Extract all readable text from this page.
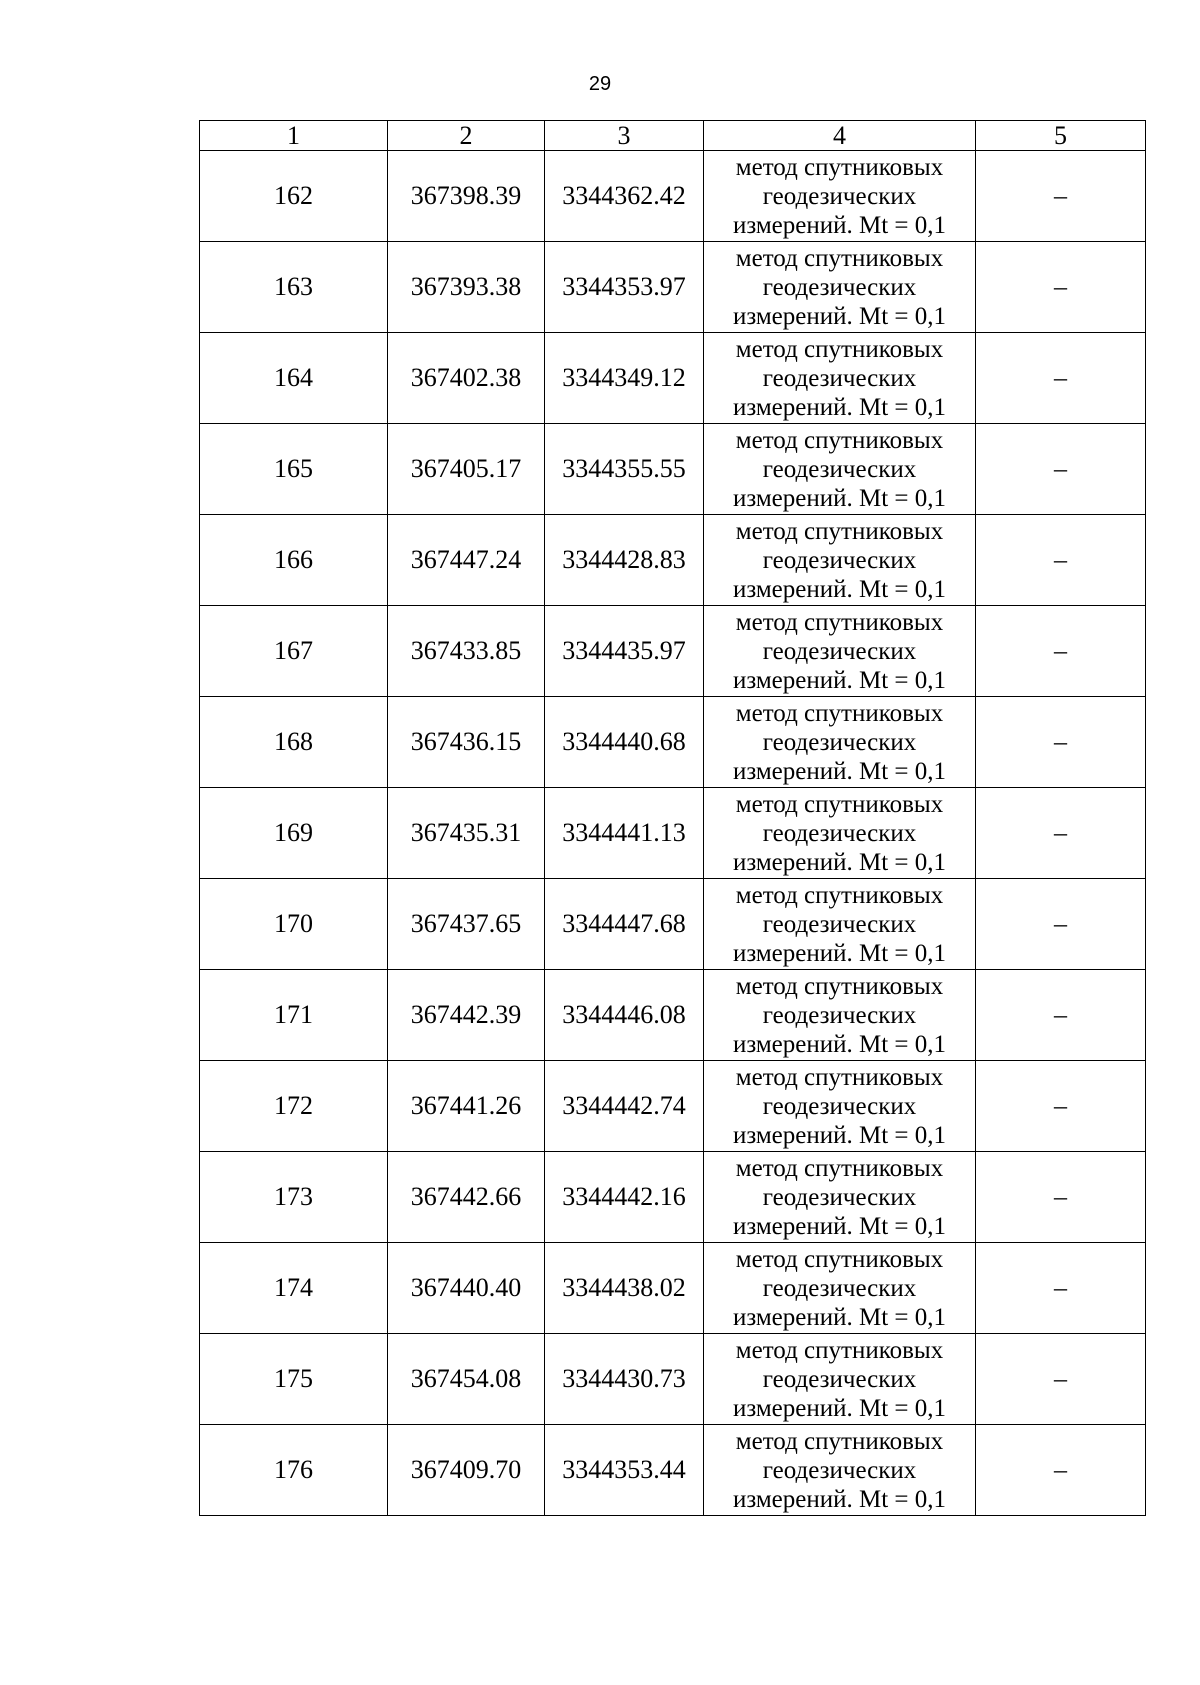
29
1	2	3	4	5
162	367398.39	3344362.42	метод спутниковых геодезических измерений. Mt = 0,1	–
163	367393.38	3344353.97	метод спутниковых геодезических измерений. Mt = 0,1	–
164	367402.38	3344349.12	метод спутниковых геодезических измерений. Mt = 0,1	–
165	367405.17	3344355.55	метод спутниковых геодезических измерений. Mt = 0,1	–
166	367447.24	3344428.83	метод спутниковых геодезических измерений. Mt = 0,1	–
167	367433.85	3344435.97	метод спутниковых геодезических измерений. Mt = 0,1	–
168	367436.15	3344440.68	метод спутниковых геодезических измерений. Mt = 0,1	–
169	367435.31	3344441.13	метод спутниковых геодезических измерений. Mt = 0,1	–
170	367437.65	3344447.68	метод спутниковых геодезических измерений. Mt = 0,1	–
171	367442.39	3344446.08	метод спутниковых геодезических измерений. Mt = 0,1	–
172	367441.26	3344442.74	метод спутниковых геодезических измерений. Mt = 0,1	–
173	367442.66	3344442.16	метод спутниковых геодезических измерений. Mt = 0,1	–
174	367440.40	3344438.02	метод спутниковых геодезических измерений. Mt = 0,1	–
175	367454.08	3344430.73	метод спутниковых геодезических измерений. Mt = 0,1	–
176	367409.70	3344353.44	метод спутниковых геодезических измерений. Mt = 0,1	–
